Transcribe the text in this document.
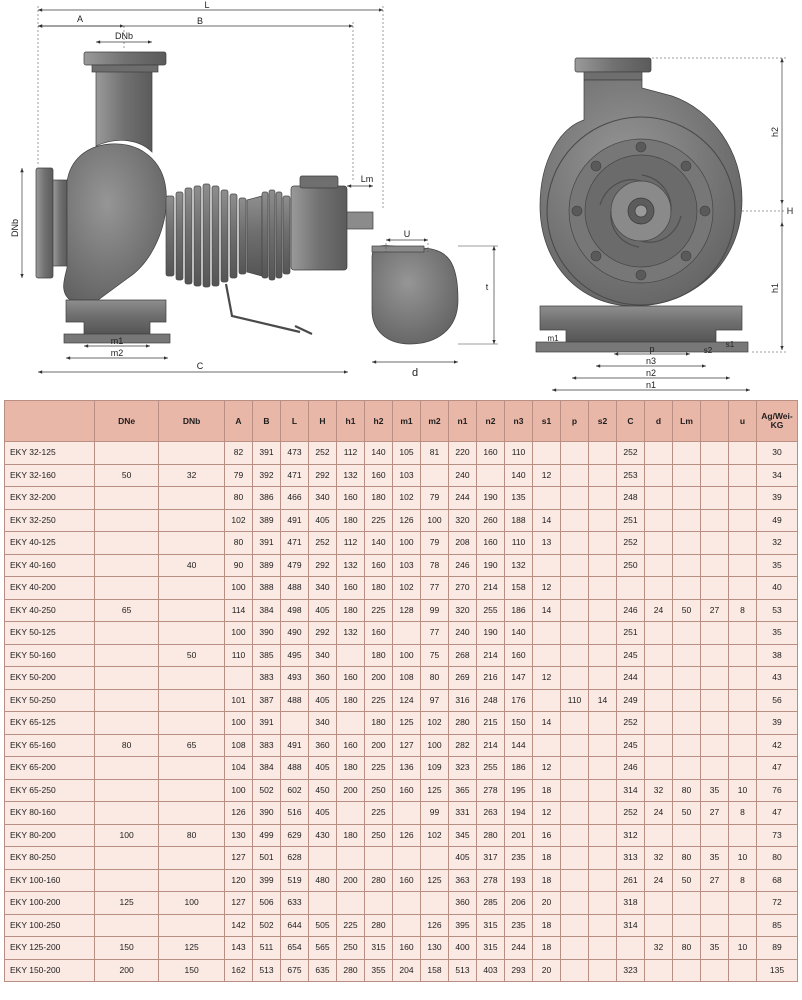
L
B
A
DNb
DNb
Lm
m1
m2
C
U
t
d
h2
H
h1
m1
p	s2
s1
n3
n2
n1
	DNe	DNb	A	B	L	H	h1	h2	m1	m2	n1	n2	n3	s1	p	s2	C	d	Lm		u	Ag/Wei-KG
EKY 32-125			82	391	473	252	112	140	105	81	220	160	110				252					30
EKY 32-160	50	32	79	392	471	292	132	160	103		240		140	12			253					34
EKY 32-200			80	386	466	340	160	180	102	79	244	190	135				248					39
EKY 32-250			102	389	491	405	180	225	126	100	320	260	188	14			251					49
EKY 40-125			80	391	471	252	112	140	100	79	208	160	110	13			252					32
EKY 40-160		40	90	389	479	292	132	160	103	78	246	190	132				250					35
EKY 40-200			100	388	488	340	160	180	102	77	270	214	158	12								40
EKY 40-250	65		114	384	498	405	180	225	128	99	320	255	186	14			246	24	50	27	8	53
EKY 50-125			100	390	490	292	132	160		77	240	190	140				251					35
EKY 50-160		50	110	385	495	340		180	100	75	268	214	160				245					38
EKY 50-200				383	493	360	160	200	108	80	269	216	147	12			244					43
EKY 50-250			101	387	488	405	180	225	124	97	316	248	176		110	14	249					56
EKY 65-125			100	391		340		180	125	102	280	215	150	14			252					39
EKY 65-160	80	65	108	383	491	360	160	200	127	100	282	214	144				245					42
EKY 65-200			104	384	488	405	180	225	136	109	323	255	186	12			246					47
EKY 65-250			100	502	602	450	200	250	160	125	365	278	195	18			314	32	80	35	10	76
EKY 80-160			126	390	516	405		225		99	331	263	194	12			252	24	50	27	8	47
EKY 80-200	100	80	130	499	629	430	180	250	126	102	345	280	201	16			312					73
EKY 80-250			127	501	628						405	317	235	18			313	32	80	35	10	80
EKY 100-160			120	399	519	480	200	280	160	125	363	278	193	18			261	24	50	27	8	68
EKY 100-200	125	100	127	506	633						360	285	206	20			318					72
EKY 100-250			142	502	644	505	225	280		126	395	315	235	18			314					85
EKY 125-200	150	125	143	511	654	565	250	315	160	130	400	315	244	18				32	80	35	10	89
EKY 150-200	200	150	162	513	675	635	280	355	204	158	513	403	293	20			323					135
